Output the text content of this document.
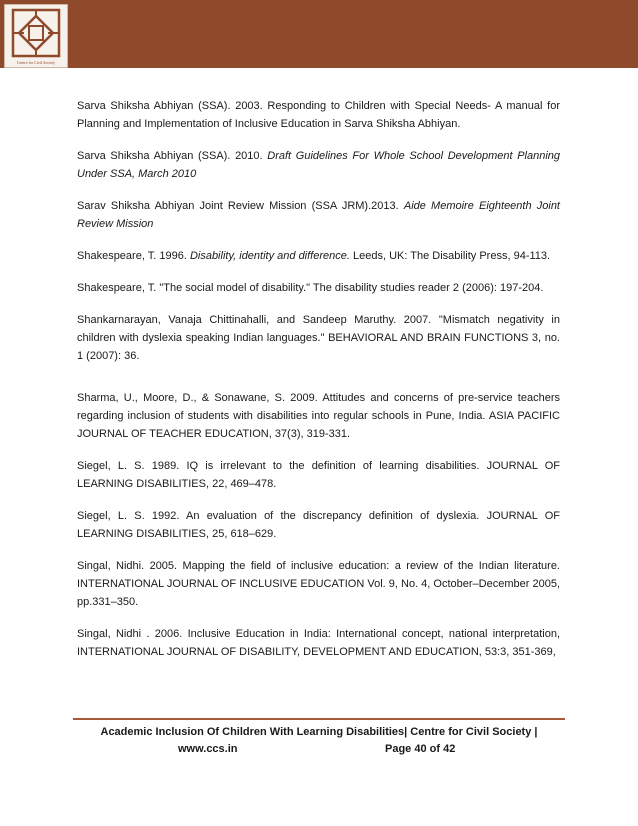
Centre for Civil Society

Sarva Shiksha Abhiyan (SSA). 2003. Responding to Children with Special Needs- A manual for Planning and Implementation of Inclusive Education in Sarva Shiksha Abhiyan.

Sarva Shiksha Abhiyan (SSA). 2010. Draft Guidelines For Whole School Development Planning Under SSA, March 2010

Sarav Shiksha Abhiyan Joint Review Mission (SSA JRM).2013. Aide Memoire Eighteenth Joint Review Mission

Shakespeare, T. 1996. Disability, identity and difference. Leeds, UK: The Disability Press, 94-113.

Shakespeare, T. "The social model of disability." The disability studies reader 2 (2006): 197-204.

Shankarnarayan, Vanaja Chittinahalli, and Sandeep Maruthy. 2007. "Mismatch negativity in children with dyslexia speaking Indian languages." BEHAVIORAL AND BRAIN FUNCTIONS 3, no. 1 (2007): 36.

Sharma, U., Moore, D., & Sonawane, S. 2009. Attitudes and concerns of pre-service teachers regarding inclusion of students with disabilities into regular schools in Pune, India. ASIA PACIFIC JOURNAL OF TEACHER EDUCATION, 37(3), 319-331.

Siegel, L. S. 1989. IQ is irrelevant to the definition of learning disabilities. JOURNAL OF LEARNING DISABILITIES, 22, 469–478.

Siegel, L. S. 1992. An evaluation of the discrepancy definition of dyslexia. JOURNAL OF LEARNING DISABILITIES, 25, 618–629.

Singal, Nidhi. 2005. Mapping the field of inclusive education: a review of the Indian literature. INTERNATIONAL JOURNAL OF INCLUSIVE EDUCATION Vol. 9, No. 4, October–December 2005, pp.331–350.

Singal, Nidhi . 2006. Inclusive Education in India: International concept, national interpretation, INTERNATIONAL JOURNAL OF DISABILITY, DEVELOPMENT AND EDUCATION, 53:3, 351-369,

Academic Inclusion Of Children With Learning Disabilities| Centre for Civil Society |
www.ccs.in	Page 40 of 42
